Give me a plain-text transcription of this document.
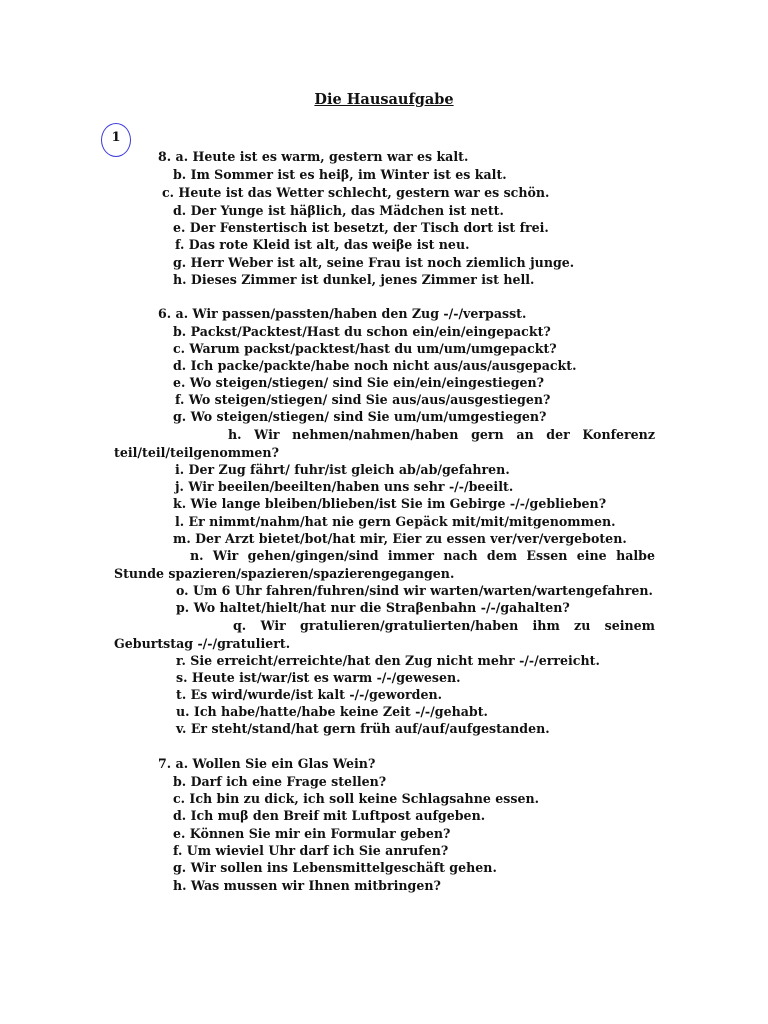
Die Hausaufgabe
1
8. a. Heute ist es warm, gestern war es kalt.
b. Im Sommer ist es heiβ, im Winter ist es kalt.
c. Heute ist das Wetter schlecht, gestern war es schön.
d. Der Yunge ist häβlich, das Mädchen ist nett.
e. Der Fenstertisch ist besetzt, der Tisch dort ist frei.
f. Das rote Kleid ist alt, das weiβe ist neu.
g. Herr Weber ist alt, seine Frau ist noch ziemlich junge.
h. Dieses Zimmer ist dunkel, jenes Zimmer ist hell.
6. a. Wir passen/passten/haben den Zug -/-/verpasst.
b. Packst/Packtest/Hast du schon ein/ein/eingepackt?
c. Warum packst/packtest/hast du um/um/umgepackt?
d. Ich packe/packte/habe noch nicht aus/aus/ausgepackt.
e. Wo steigen/stiegen/ sind Sie ein/ein/eingestiegen?
f. Wo steigen/stiegen/ sind Sie aus/aus/ausgestiegen?
g. Wo steigen/stiegen/ sind Sie um/um/umgestiegen?
h. Wir nehmen/nahmen/haben gern an der Konferenz teil/teil/teilgenommen?
i. Der Zug fährt/ fuhr/ist gleich ab/ab/gefahren.
j. Wir beeilen/beeilten/haben uns sehr -/-/beeilt.
k. Wie lange bleiben/blieben/ist Sie im Gebirge -/-/geblieben?
l. Er nimmt/nahm/hat nie gern Gepäck mit/mit/mitgenommen.
m. Der Arzt bietet/bot/hat mir, Eier zu essen ver/ver/vergeboten.
n. Wir gehen/gingen/sind immer nach dem Essen eine halbe Stunde spazieren/spazieren/spazierengegangen.
o. Um 6 Uhr fahren/fuhren/sind wir warten/warten/wartengefahren.
p. Wo haltet/hielt/hat nur die Straβenbahn -/-/gahalten?
q. Wir gratulieren/gratulierten/haben ihm zu seinem Geburtstag -/-/gratuliert.
r. Sie erreicht/erreichte/hat den Zug nicht mehr -/-/erreicht.
s. Heute ist/war/ist es warm -/-/gewesen.
t. Es wird/wurde/ist kalt -/-/geworden.
u. Ich habe/hatte/habe keine Zeit -/-/gehabt.
v. Er steht/stand/hat gern früh auf/auf/aufgestanden.
7. a. Wollen Sie ein Glas Wein?
b. Darf ich eine Frage stellen?
c. Ich bin zu dick, ich soll keine Schlagsahne essen.
d. Ich muβ den Breif mit Luftpost aufgeben.
e. Können Sie mir ein Formular geben?
f. Um wieviel Uhr darf ich Sie anrufen?
g. Wir sollen ins Lebensmittelgeschäft gehen.
h. Was mussen wir Ihnen mitbringen?
